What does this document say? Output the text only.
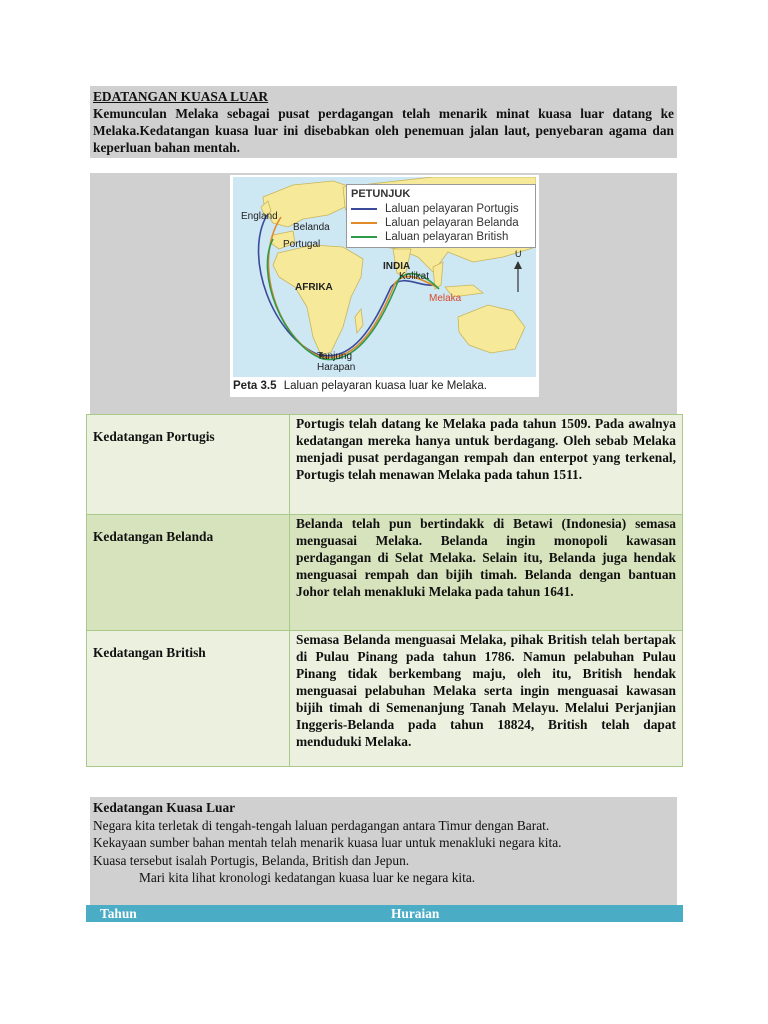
EDATANGAN KUASA LUAR
Kemunculan Melaka sebagai pusat perdagangan telah menarik minat kuasa luar datang ke Melaka.Kedatangan kuasa luar ini disebabkan oleh penemuan jalan laut, penyebaran agama dan keperluan bahan mentah.
PETUNJUK
Laluan pelayaran Portugis
Laluan pelayaran Belanda
Laluan pelayaran British
England
Belanda
Portugal
AFRIKA
INDIA
Kolikat
Melaka
Tanjung
Harapan
U
Peta 3.5 Laluan pelayaran kuasa luar ke Melaka.
Kedatangan Portugis	Portugis telah datang ke Melaka pada tahun 1509. Pada awalnya kedatangan mereka hanya untuk berdagang. Oleh sebab Melaka menjadi pusat perdagangan rempah dan enterpot yang terkenal, Portugis telah menawan Melaka pada tahun 1511.
Kedatangan Belanda	Belanda telah pun bertindakk di Betawi (Indonesia) semasa menguasai Melaka. Belanda ingin monopoli kawasan perdagangan di Selat Melaka. Selain itu, Belanda juga hendak menguasai rempah dan bijih timah. Belanda dengan bantuan Johor telah menakluki Melaka pada tahun 1641.
Kedatangan British	Semasa Belanda menguasai Melaka, pihak British telah bertapak di Pulau Pinang pada tahun 1786. Namun pelabuhan Pulau Pinang tidak berkembang maju, oleh itu, British hendak menguasai pelabuhan Melaka serta ingin menguasai kawasan bijih timah di Semenanjung Tanah Melayu. Melalui Perjanjian Inggeris-Belanda pada tahun 18824, British telah dapat menduduki Melaka.
Kedatangan Kuasa Luar
Negara kita terletak di tengah-tengah laluan perdagangan antara Timur dengan Barat.
Kekayaan sumber bahan mentah telah menarik kuasa luar untuk menakluki negara kita.
Kuasa tersebut isalah Portugis, Belanda, British dan Jepun.
Mari kita lihat kronologi kedatangan kuasa luar ke negara kita.
Tahun	Huraian
